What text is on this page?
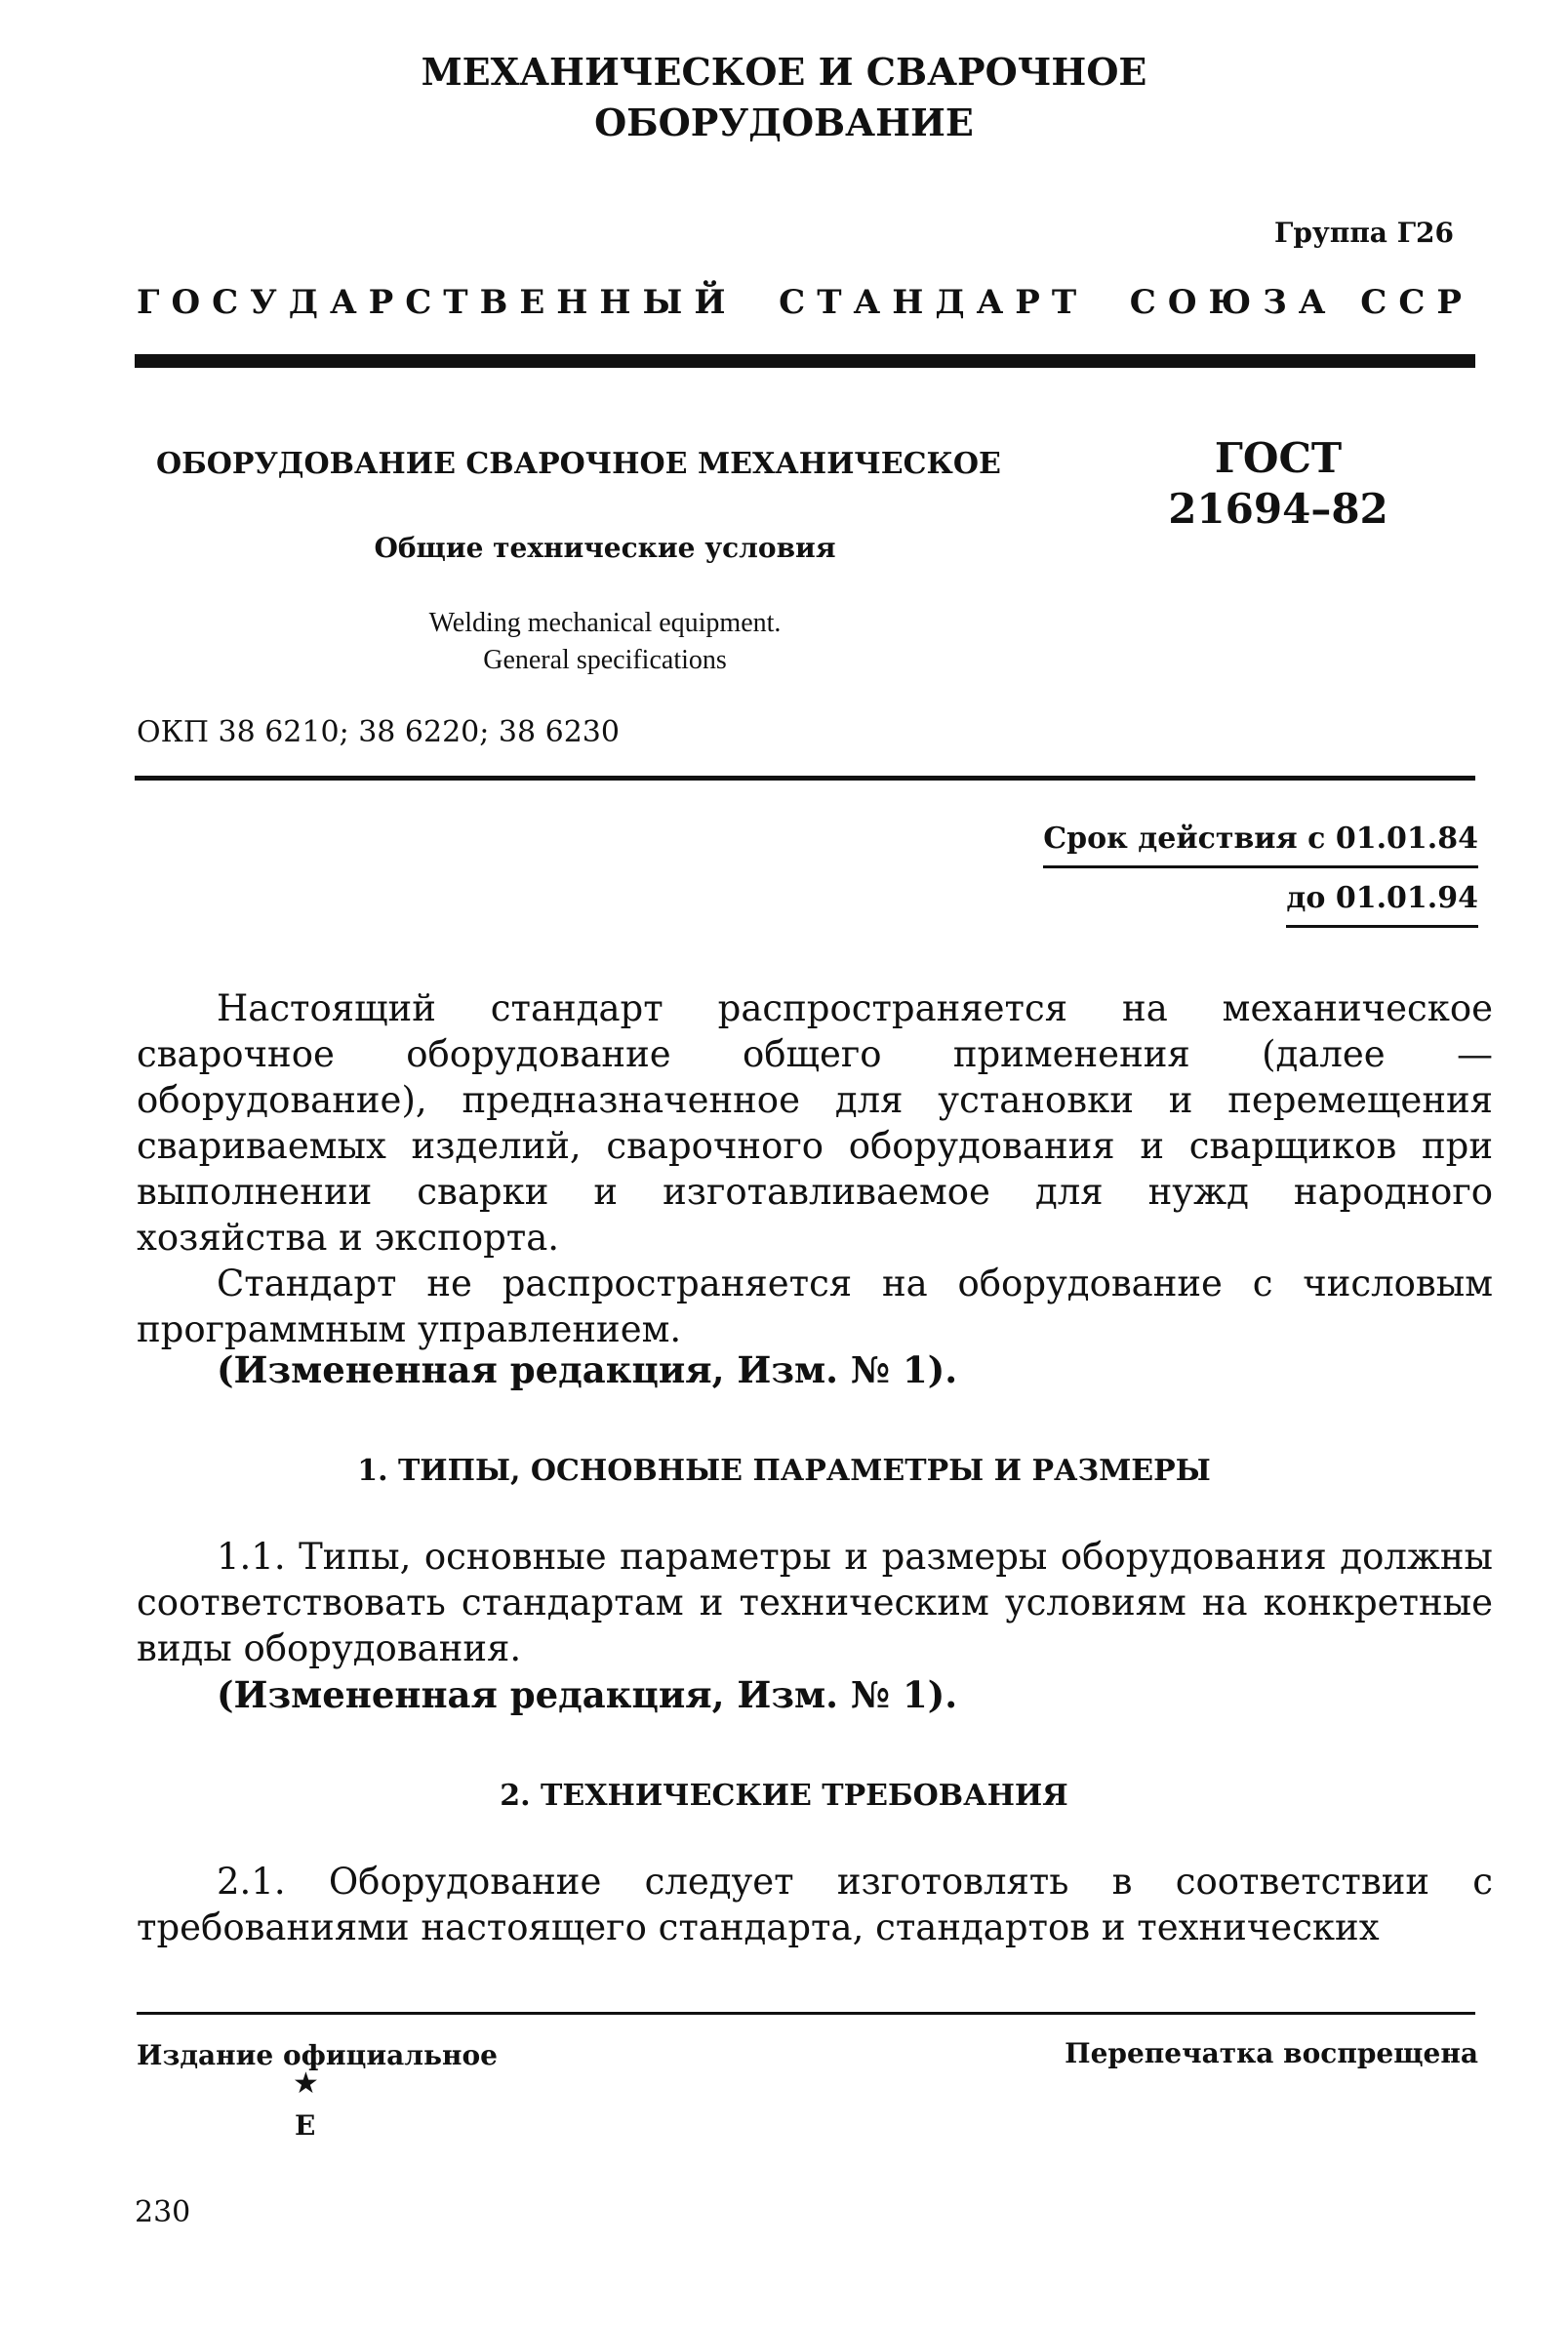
МЕХАНИЧЕСКОЕ И СВАРОЧНОЕ
ОБОРУДОВАНИЕ
Группа Г26
ГОСУДАРСТВЕННЫЙ СТАНДАРТ СОЮЗА ССР
ОБОРУДОВАНИЕ СВАРОЧНОЕ МЕХАНИЧЕСКОЕ	ГОСТ
21694–82
Общие технические условия
Welding mechanical equipment.
General specifications
ОКП 38 6210; 38 6220; 38 6230
Срок действия с 01.01.84
до 01.01.94

Настоящий стандарт распространяется на механическое сварочное оборудование общего применения (далее — оборудование), предназначенное для установки и перемещения свариваемых изделий, сварочного оборудования и сварщиков при выполнении сварки и изготавливаемое для нужд народного хозяйства и экспорта.

Стандарт не распространяется на оборудование с числовым программным управлением.

(Измененная редакция, Изм. № 1).
1. ТИПЫ, ОСНОВНЫЕ ПАРАМЕТРЫ И РАЗМЕРЫ

1.1. Типы, основные параметры и размеры оборудования должны соответствовать стандартам и техническим условиям на конкретные виды оборудования.

(Измененная редакция, Изм. № 1).
2. ТЕХНИЧЕСКИЕ ТРЕБОВАНИЯ

2.1. Оборудование следует изготовлять в соответствии с требованиями настоящего стандарта, стандартов и технических

Издание официальное	Перепечатка воспрещена
★
Е
230
